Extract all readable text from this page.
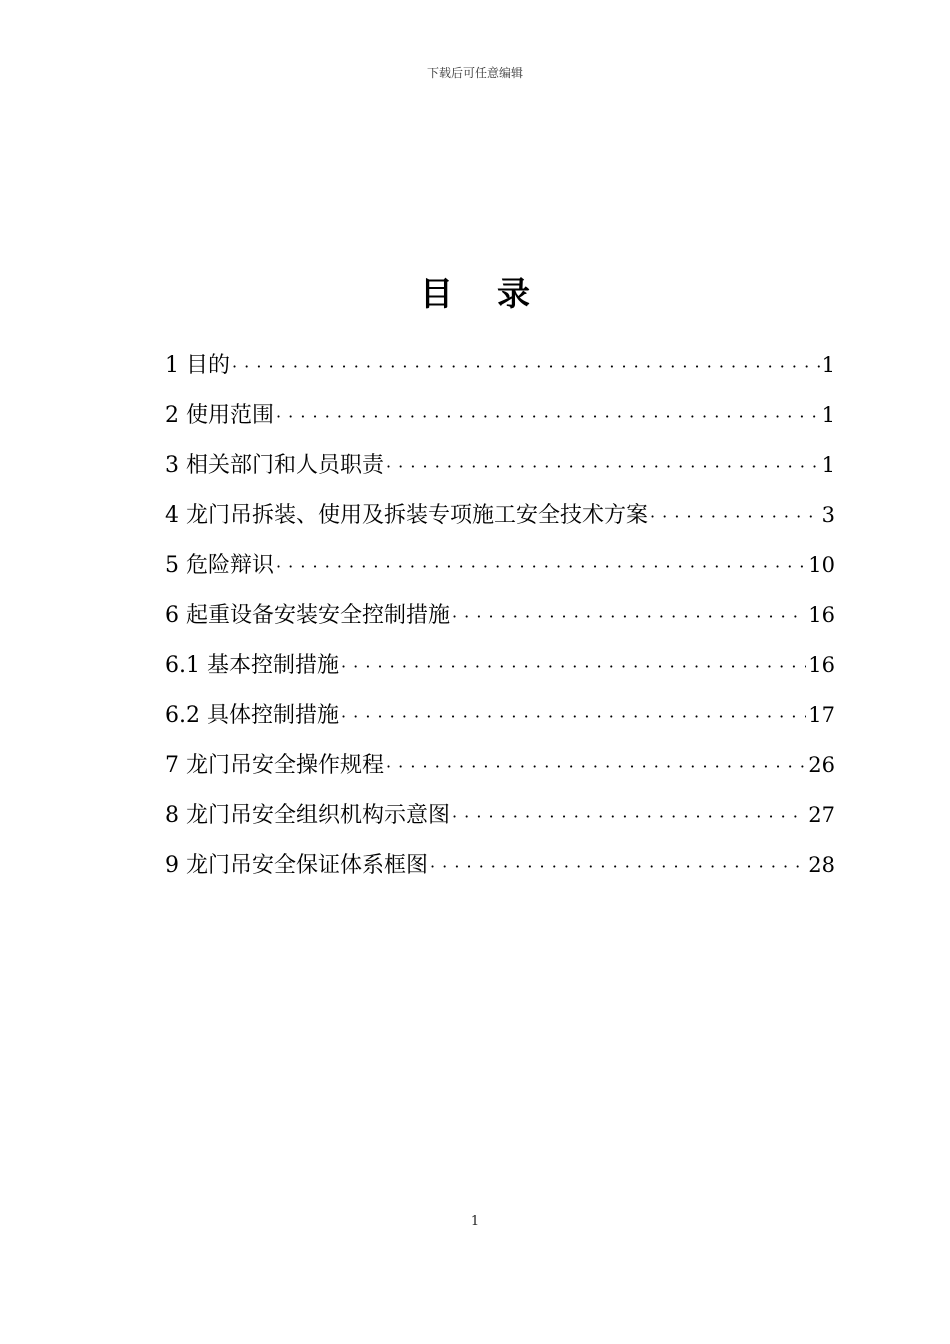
下载后可任意编辑
目录
1 目的 · · ·	1
2 使用范围 · · ·	1
3 相关部门和人员职责 · · ·	1
4 龙门吊拆装、使用及拆装专项施工安全技术方案 · · ·	3
5 危险辩识 · · ·	10
6 起重设备安装安全控制措施 · · ·	16
6.1 基本控制措施 · · ·	16
6.2 具体控制措施 · · ·	17
7 龙门吊安全操作规程 · · ·	26
8 龙门吊安全组织机构示意图 · · ·	27
9 龙门吊安全保证体系框图 · · ·	28
1
